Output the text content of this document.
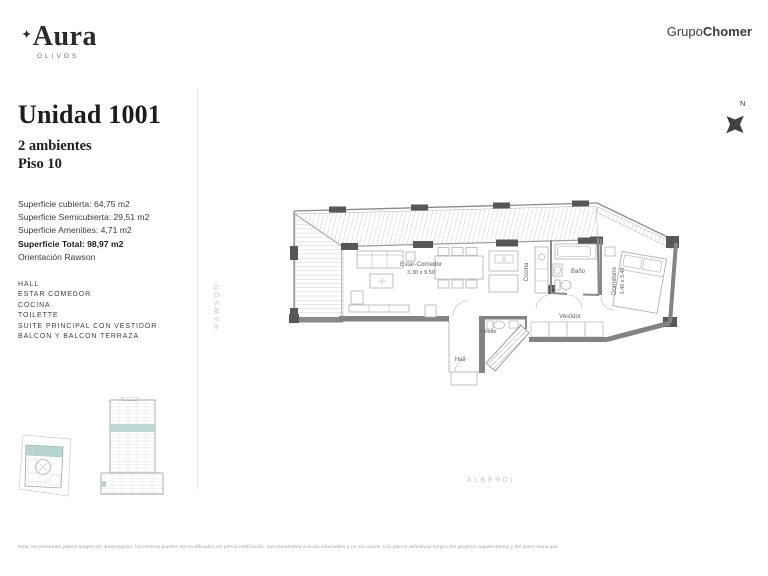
✦Aura
OLIVOS
GrupoChomer
Unidad 1001
2 ambientes
Piso 10
Superficie cubierta: 64,75 m2
Superficie Semicubierta: 29,51 m2
Superficie Amenities: 4,71 m2
Superficie Total: 98,97 m2
Orientación Rawson
HALL
ESTAR COMEDOR
COCINA
TOILETTE
SUITE PRINCIPAL CON VESTIDOR
BALCON Y BALCON TERRAZA
RAWSON
ALBERDI
N
Estar-Comedor
3.30 x 9.50	Cocina	Baño	Dormitorio 3.40 x 3.40
Vestidor
Toilette
Hall
Nota: los presentes planos surgen del anteproyecto, los mismos pueden ser modificados sin previa notificación, son meramente a modo informativo y no vinculante. Los planos definitivos surgen del proyecto arquitectónico y del plano municipal.
